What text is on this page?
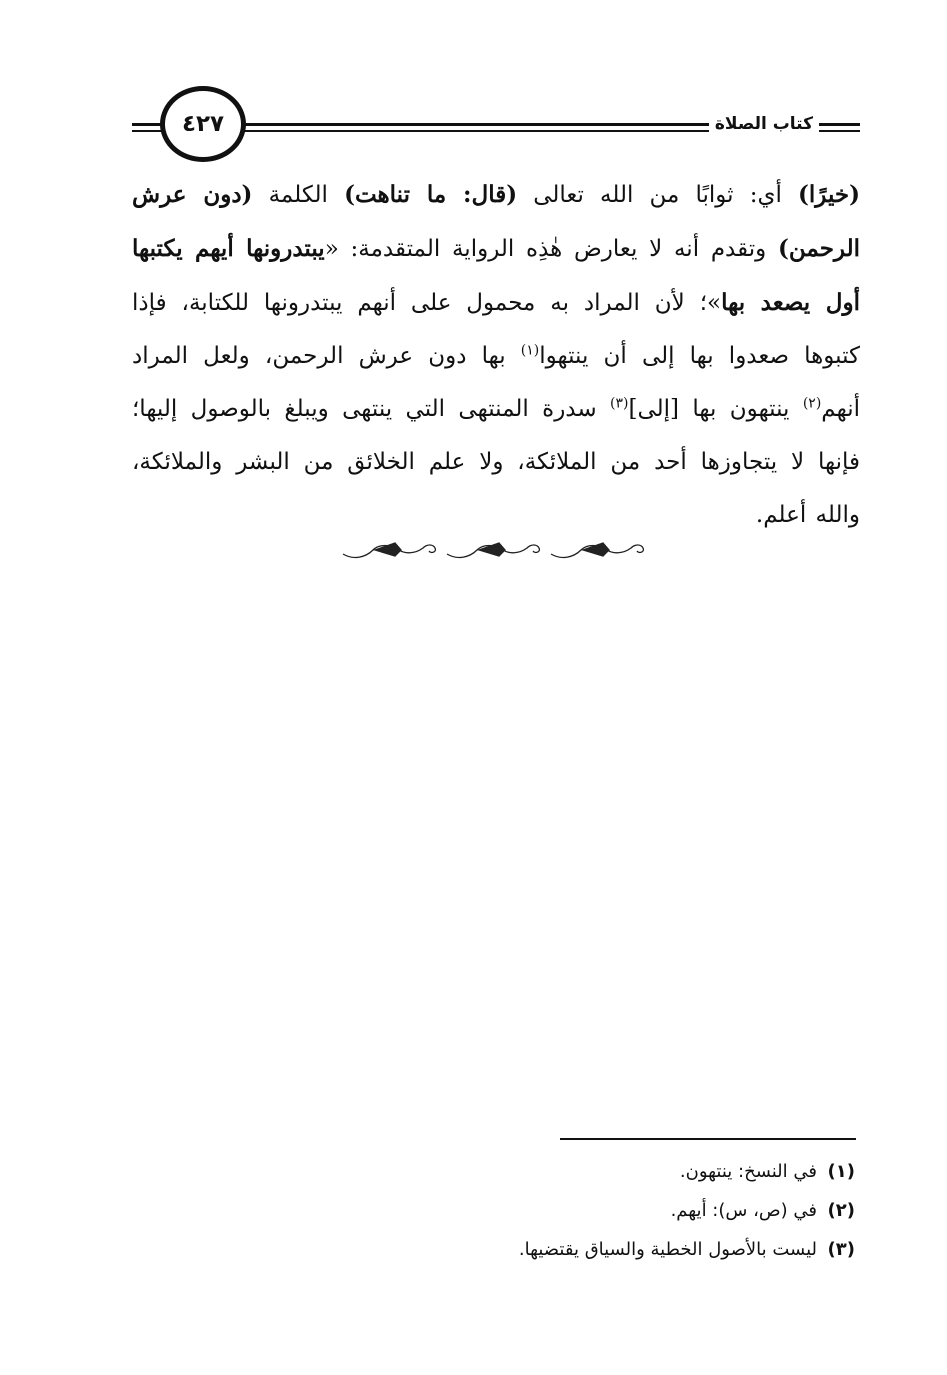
٤٢٧	كتاب الصلاة
(خيرًا) أي: ثوابًا من الله تعالى (قال: ما تناهت) الكلمة (دون عرش الرحمن) وتقدم أنه لا يعارض هٰذِه الرواية المتقدمة: «يبتدرونها أيهم يكتبها أول يصعد بها»؛ لأن المراد به محمول على أنهم يبتدرونها للكتابة، فإذا كتبوها صعدوا بها إلى أن ينتهوا$^{(١)}$ بها دون عرش الرحمن، ولعل المراد أنهم$^{(٢)}$ ينتهون بها [إلى]$^{(٣)}$ سدرة المنتهى التي ينتهى ويبلغ بالوصول إليها؛ فإنها لا يتجاوزها أحد من الملائكة، ولا علم الخلائق من البشر والملائكة، والله أعلم.
(١)في النسخ: ينتهون.
(٢)في (ص، س): أيهم.
(٣)ليست بالأصول الخطية والسياق يقتضيها.
